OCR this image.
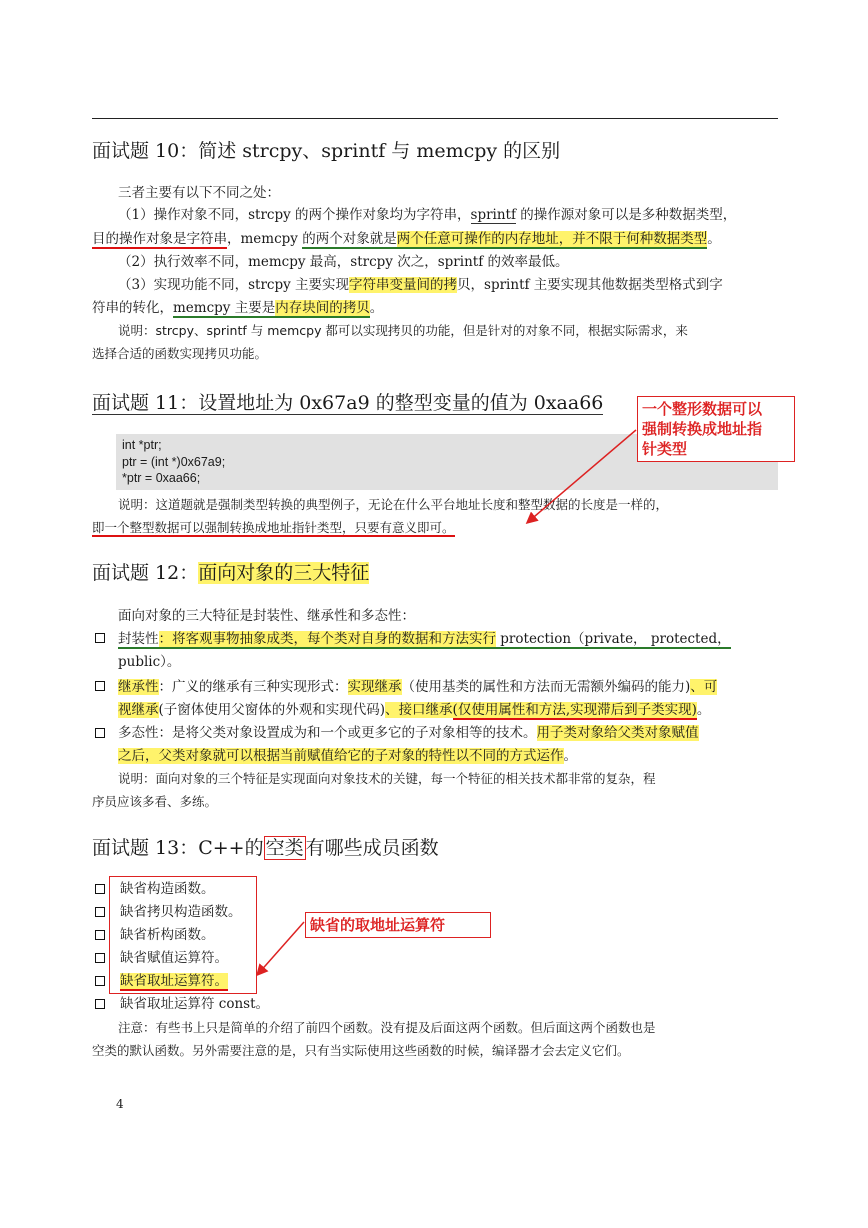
面试题 10：简述 strcpy、sprintf 与 memcpy 的区别
三者主要有以下不同之处：
（1）操作对象不同，strcpy 的两个操作对象均为字符串，sprintf 的操作源对象可以是多种数据类型，
目的操作对象是字符串，memcpy 的两个对象就是两个任意可操作的内存地址，并不限于何种数据类型。
（2）执行效率不同，memcpy 最高，strcpy 次之，sprintf 的效率最低。
（3）实现功能不同，strcpy 主要实现字符串变量间的拷贝，sprintf 主要实现其他数据类型格式到字
符串的转化，memcpy 主要是内存块间的拷贝。
说明：strcpy、sprintf 与 memcpy 都可以实现拷贝的功能，但是针对的对象不同，根据实际需求，来
选择合适的函数实现拷贝功能。
面试题 11：设置地址为 0x67a9 的整型变量的值为 0xaa66
int *ptr;
ptr = (int *)0x67a9;
*ptr = 0xaa66;
一个整形数据可以
强制转换成地址指
针类型
说明：这道题就是强制类型转换的典型例子，无论在什么平台地址长度和整型数据的长度是一样的，
即一个整型数据可以强制转换成地址指针类型，只要有意义即可。
面试题 12：面向对象的三大特征
面向对象的三大特征是封装性、继承性和多态性：
封装性：将客观事物抽象成类，每个类对自身的数据和方法实行 protection（private， protected，
public）。
继承性：广义的继承有三种实现形式：实现继承（使用基类的属性和方法而无需额外编码的能力)、可
视继承(子窗体使用父窗体的外观和实现代码)、接口继承(仅使用属性和方法,实现滞后到子类实现)。
多态性：是将父类对象设置成为和一个或更多它的子对象相等的技术。用子类对象给父类对象赋值
之后，父类对象就可以根据当前赋值给它的子对象的特性以不同的方式运作。
说明：面向对象的三个特征是实现面向对象技术的关键，每一个特征的相关技术都非常的复杂，程
序员应该多看、多练。
面试题 13：C++的 空类 有哪些成员函数
缺省构造函数。
缺省拷贝构造函数。
缺省析构函数。
缺省赋值运算符。
缺省取址运算符。
缺省取址运算符 const。
缺省的取地址运算符
注意：有些书上只是简单的介绍了前四个函数。没有提及后面这两个函数。但后面这两个函数也是
空类的默认函数。另外需要注意的是，只有当实际使用这些函数的时候，编译器才会去定义它们。
4
